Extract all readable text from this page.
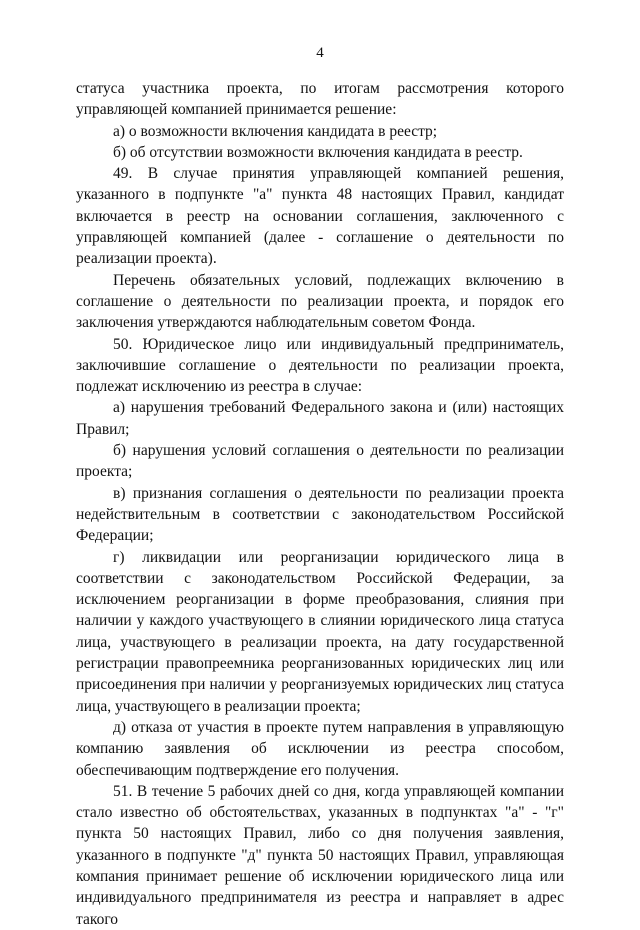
4

статуса участника проекта, по итогам рассмотрения которого управляющей компанией принимается решение:

а) о возможности включения кандидата в реестр;

б) об отсутствии возможности включения кандидата в реестр.

49. В случае принятия управляющей компанией решения, указанного в подпункте "а" пункта 48 настоящих Правил, кандидат включается в реестр на основании соглашения, заключенного с управляющей компанией (далее - соглашение о деятельности по реализации проекта).

Перечень обязательных условий, подлежащих включению в соглашение о деятельности по реализации проекта, и порядок его заключения утверждаются наблюдательным советом Фонда.

50. Юридическое лицо или индивидуальный предприниматель, заключившие соглашение о деятельности по реализации проекта, подлежат исключению из реестра в случае:

а) нарушения требований Федерального закона и (или) настоящих Правил;

б) нарушения условий соглашения о деятельности по реализации проекта;

в) признания соглашения о деятельности по реализации проекта недействительным в соответствии с законодательством Российской Федерации;

г) ликвидации или реорганизации юридического лица в соответствии с законодательством Российской Федерации, за исключением реорганизации в форме преобразования, слияния при наличии у каждого участвующего в слиянии юридического лица статуса лица, участвующего в реализации проекта, на дату государственной регистрации правопреемника реорганизованных юридических лиц или присоединения при наличии у реорганизуемых юридических лиц статуса лица, участвующего в реализации проекта;

д) отказа от участия в проекте путем направления в управляющую компанию заявления об исключении из реестра способом, обеспечивающим подтверждение его получения.

51. В течение 5 рабочих дней со дня, когда управляющей компании стало известно об обстоятельствах, указанных в подпунктах "а" - "г" пункта 50 настоящих Правил, либо со дня получения заявления, указанного в подпункте "д" пункта 50 настоящих Правил, управляющая компания принимает решение об исключении юридического лица или индивидуального предпринимателя из реестра и направляет в адрес такого
